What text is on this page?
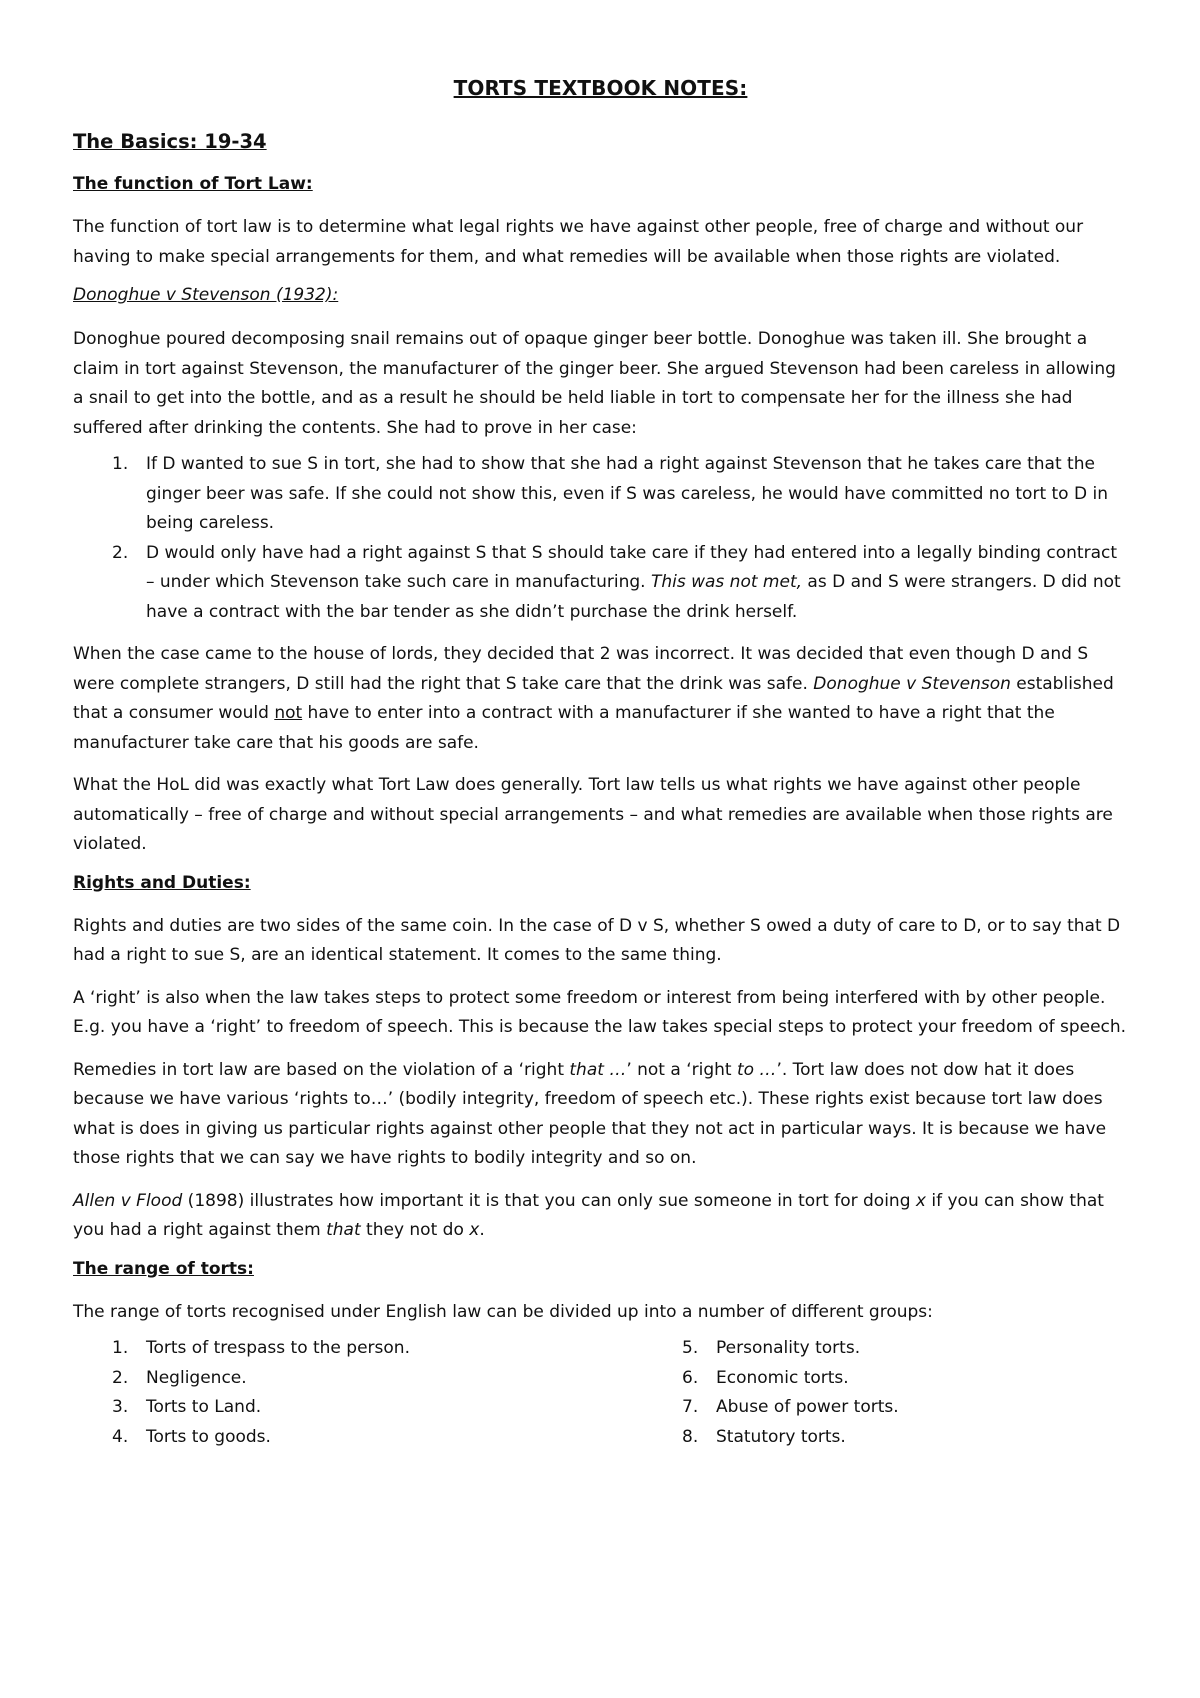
TORTS TEXTBOOK NOTES:
The Basics: 19-34
The function of Tort Law:

The function of tort law is to determine what legal rights we have against other people, free of charge and without our having to make special arrangements for them, and what remedies will be available when those rights are violated.

Donoghue v Stevenson (1932):

Donoghue poured decomposing snail remains out of opaque ginger beer bottle. Donoghue was taken ill. She brought a claim in tort against Stevenson, the manufacturer of the ginger beer. She argued Stevenson had been careless in allowing a snail to get into the bottle, and as a result he should be held liable in tort to compensate her for the illness she had suffered after drinking the contents. She had to prove in her case:

1. If D wanted to sue S in tort, she had to show that she had a right against Stevenson that he takes care that the ginger beer was safe. If she could not show this, even if S was careless, he would have committed no tort to D in being careless.
2. D would only have had a right against S that S should take care if they had entered into a legally binding contract – under which Stevenson take such care in manufacturing. This was not met, as D and S were strangers. D did not have a contract with the bar tender as she didn’t purchase the drink herself.

When the case came to the house of lords, they decided that 2 was incorrect. It was decided that even though D and S were complete strangers, D still had the right that S take care that the drink was safe. Donoghue v Stevenson established that a consumer would not have to enter into a contract with a manufacturer if she wanted to have a right that the manufacturer take care that his goods are safe.

What the HoL did was exactly what Tort Law does generally. Tort law tells us what rights we have against other people automatically – free of charge and without special arrangements – and what remedies are available when those rights are violated.

Rights and Duties:

Rights and duties are two sides of the same coin. In the case of D v S, whether S owed a duty of care to D, or to say that D had a right to sue S, are an identical statement. It comes to the same thing.

A ‘right’ is also when the law takes steps to protect some freedom or interest from being interfered with by other people. E.g. you have a ‘right’ to freedom of speech. This is because the law takes special steps to protect your freedom of speech.

Remedies in tort law are based on the violation of a ‘right that …’ not a ‘right to …’. Tort law does not dow hat it does because we have various ‘rights to…’ (bodily integrity, freedom of speech etc.). These rights exist because tort law does what is does in giving us particular rights against other people that they not act in particular ways. It is because we have those rights that we can say we have rights to bodily integrity and so on.

Allen v Flood (1898) illustrates how important it is that you can only sue someone in tort for doing x if you can show that you had a right against them that they not do x.

The range of torts:

The range of torts recognised under English law can be divided up into a number of different groups:

1. Torts of trespass to the person.
2. Negligence.
3. Torts to Land.
4. Torts to goods.
5. Personality torts.
6. Economic torts.
7. Abuse of power torts.
8. Statutory torts.
